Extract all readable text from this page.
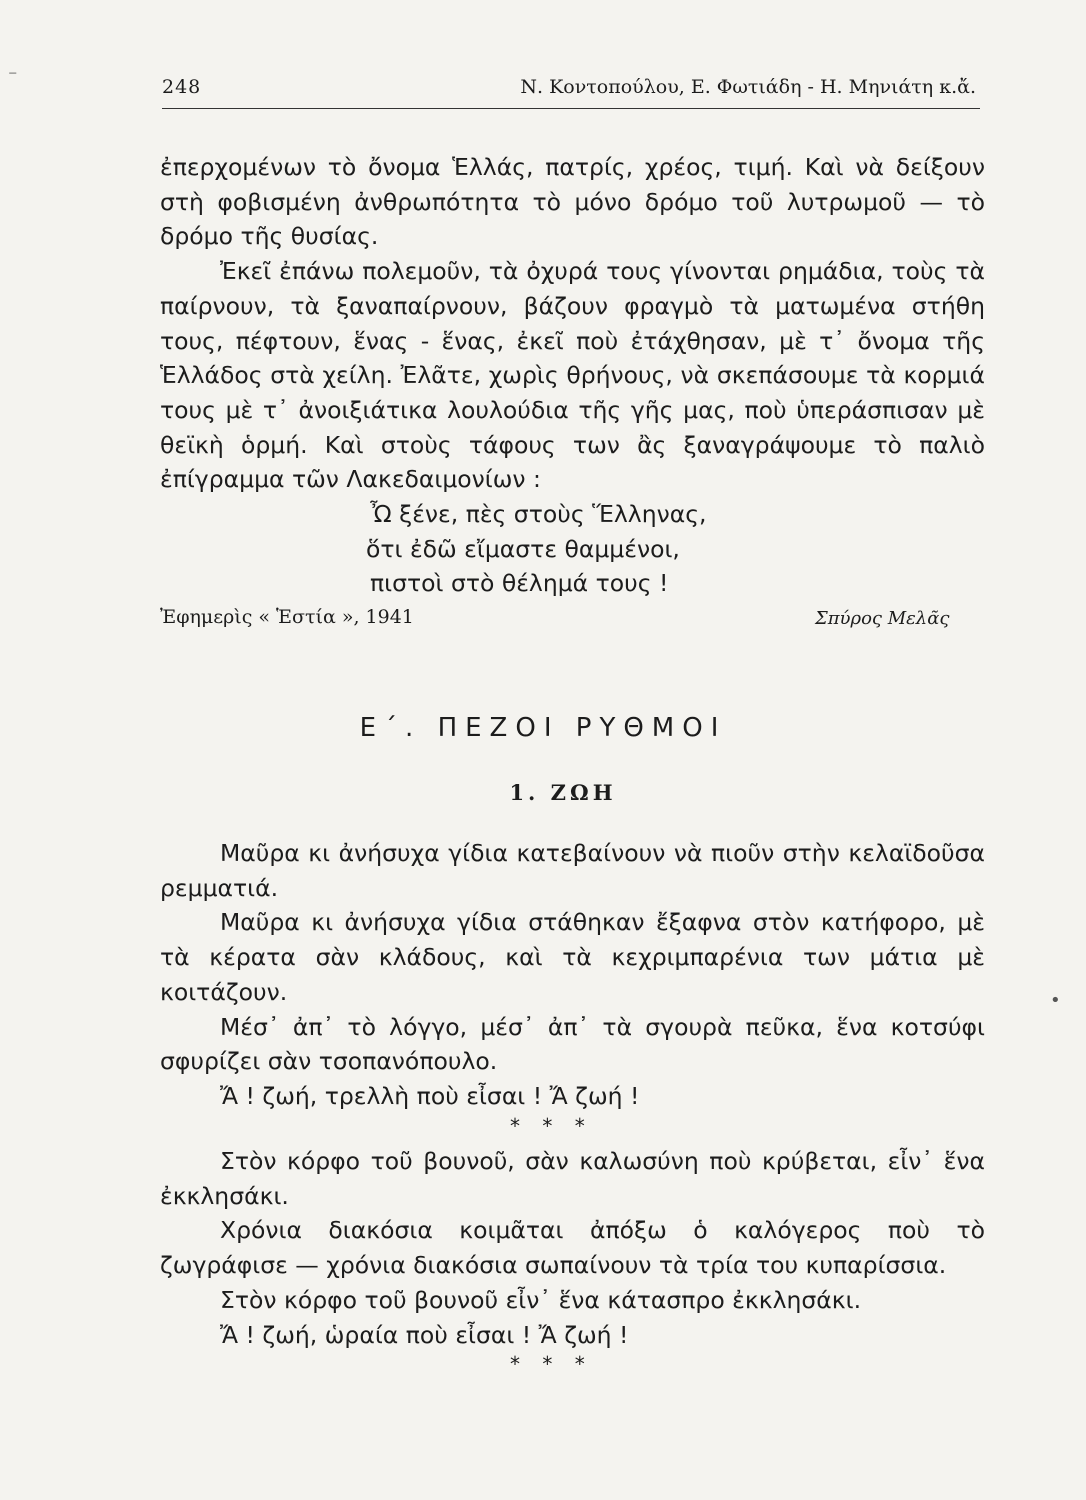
⁻	248	Ν. Κοντοπούλου, Ε. Φωτιάδη - Η. Μηνιάτη κ.ἄ.

ἐπερχομένων τὸ ὄνομα Ἑλλάς, πατρίς, χρέος, τιμή. Καὶ νὰ δείξουν στὴ φοβισμένη ἀνθρωπότητα τὸ μόνο δρόμο τοῦ λυτρωμοῦ — τὸ δρόμο τῆς θυσίας.

Ἐκεῖ ἐπάνω πολεμοῦν, τὰ ὀχυρά τους γίνονται ρημάδια, τοὺς τὰ παίρνουν, τὰ ξαναπαίρνουν, βάζουν φραγμὸ τὰ ματωμένα στήθη τους, πέφτουν, ἕνας - ἕνας, ἐκεῖ ποὺ ἐτάχθησαν, μὲ τ᾽ ὄνομα τῆς Ἑλλάδος στὰ χείλη. Ἐλᾶτε, χωρὶς θρήνους, νὰ σκεπάσουμε τὰ κορμιά τους μὲ τ᾽ ἀνοιξιάτικα λουλούδια τῆς γῆς μας, ποὺ ὑπεράσπισαν μὲ θεϊκὴ ὁρμή. Καὶ στοὺς τάφους των ἂς ξαναγράψουμε τὸ παλιὸ ἐπίγραμμα τῶν Λακεδαιμονίων :

Ὦ ξένε, πὲς στοὺς Ἕλληνας,
ὅτι ἐδῶ εἴμαστε θαμμένοι,
πιστοὶ στὸ θέλημά τους !
Ἐφημερὶς « Ἑστία », 1941	Σπύρος Μελᾶς
Ε΄. ΠΕΖΟΙ ΡΥΘΜΟΙ
1. ΖΩΗ

Μαῦρα κι ἀνήσυχα γίδια κατεβαίνουν νὰ πιοῦν στὴν κελαϊδοῦσα ρεμματιά.

Μαῦρα κι ἀνήσυχα γίδια στάθηκαν ἔξαφνα στὸν κατήφορο, μὲ τὰ κέρατα σὰν κλάδους, καὶ τὰ κεχριμπαρένια των μάτια μὲ κοιτάζουν.

Μέσ᾽ ἀπ᾽ τὸ λόγγο, μέσ᾽ ἀπ᾽ τὰ σγουρὰ πεῦκα, ἕνα κοτσύφι σφυρίζει σὰν τσοπανόπουλο.

Ἄ ! ζωή, τρελλὴ ποὺ εἶσαι ! Ἄ ζωή !

* * *

Στὸν κόρφο τοῦ βουνοῦ, σὰν καλωσύνη ποὺ κρύβεται, εἶν᾽ ἕνα ἐκκλησάκι.

Χρόνια διακόσια κοιμᾶται ἀπόξω ὁ καλόγερος ποὺ τὸ ζωγράφισε — χρόνια διακόσια σωπαίνουν τὰ τρία του κυπαρίσσια.

Στὸν κόρφο τοῦ βουνοῦ εἶν᾽ ἕνα κάτασπρο ἐκκλησάκι.

Ἄ ! ζωή, ὡραία ποὺ εἶσαι ! Ἄ ζωή !

* * *
•
